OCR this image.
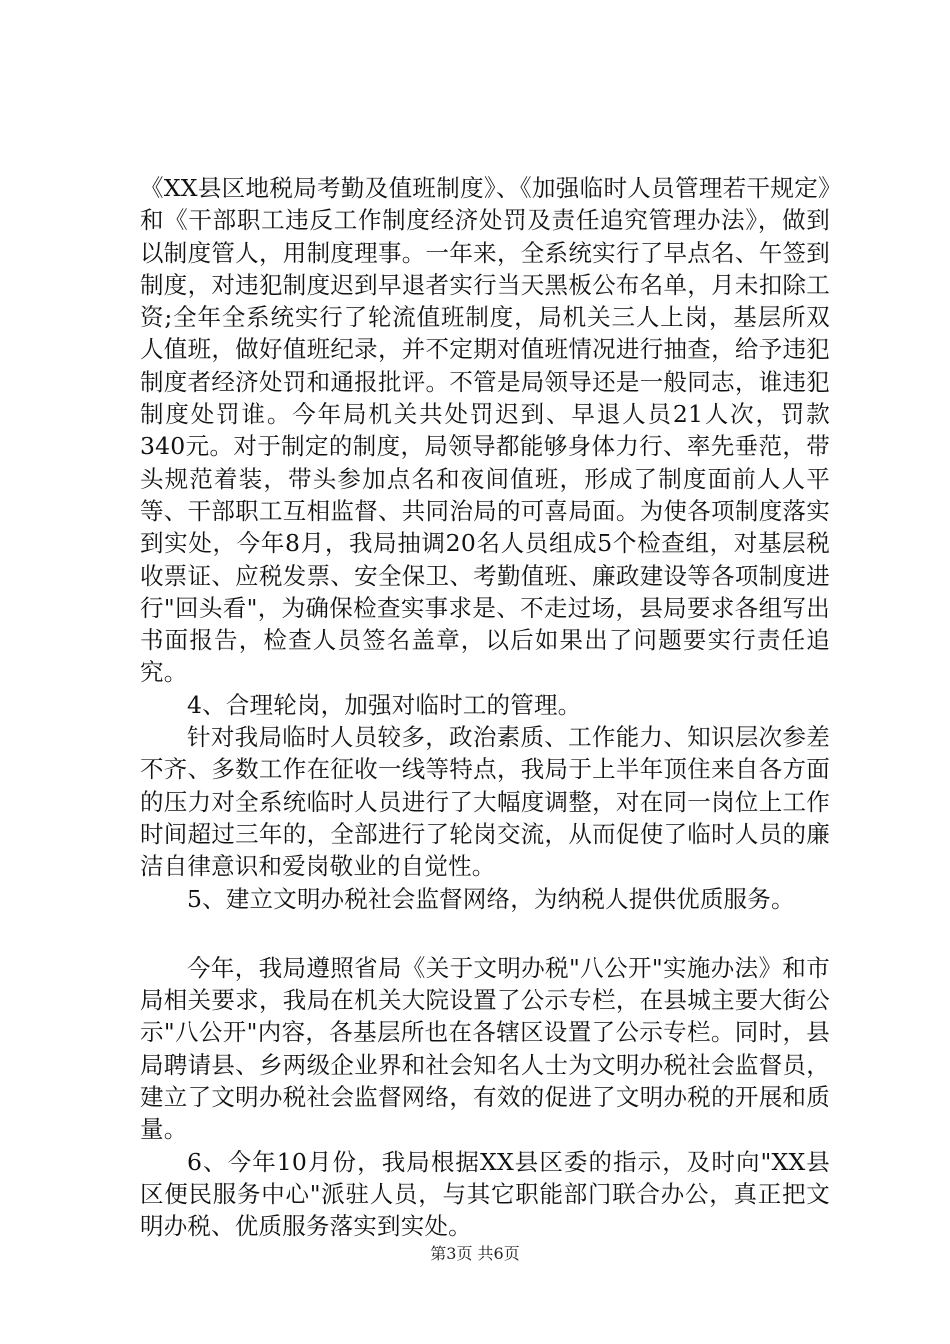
《XX县区地税局考勤及值班制度》、《加强临时人员管理若干规定》和《干部职工违反工作制度经济处罚及责任追究管理办法》，做到以制度管人，用制度理事。一年来，全系统实行了早点名、午签到制度，对违犯制度迟到早退者实行当天黑板公布名单，月未扣除工资;全年全系统实行了轮流值班制度，局机关三人上岗，基层所双人值班，做好值班纪录，并不定期对值班情况进行抽查，给予违犯制度者经济处罚和通报批评。不管是局领导还是一般同志，谁违犯制度处罚谁。今年局机关共处罚迟到、早退人员21人次，罚款340元。对于制定的制度，局领导都能够身体力行、率先垂范，带头规范着装，带头参加点名和夜间值班，形成了制度面前人人平等、干部职工互相监督、共同治局的可喜局面。为使各项制度落实到实处，今年8月，我局抽调20名人员组成5个检查组，对基层税收票证、应税发票、安全保卫、考勤值班、廉政建设等各项制度进行"回头看"，为确保检查实事求是、不走过场，县局要求各组写出书面报告，检查人员签名盖章，以后如果出了问题要实行责任追究。

4、合理轮岗，加强对临时工的管理。

针对我局临时人员较多，政治素质、工作能力、知识层次参差不齐、多数工作在征收一线等特点，我局于上半年顶住来自各方面的压力对全系统临时人员进行了大幅度调整，对在同一岗位上工作时间超过三年的，全部进行了轮岗交流，从而促使了临时人员的廉洁自律意识和爱岗敬业的自觉性。

5、建立文明办税社会监督网络，为纳税人提供优质服务。

今年，我局遵照省局《关于文明办税"八公开"实施办法》和市局相关要求，我局在机关大院设置了公示专栏，在县城主要大街公示"八公开"内容，各基层所也在各辖区设置了公示专栏。同时，县局聘请县、乡两级企业界和社会知名人士为文明办税社会监督员，建立了文明办税社会监督网络，有效的促进了文明办税的开展和质量。

6、今年10月份，我局根据XX县区委的指示，及时向"XX县区便民服务中心"派驻人员，与其它职能部门联合办公，真正把文明办税、优质服务落实到实处。

第3页 共6页
